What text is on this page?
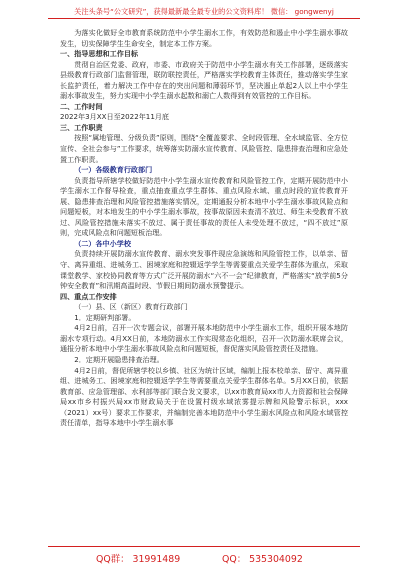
关注头条号“公文研究”，获得最新最全最专业的公文资料库！ 微信： gongwenyj

为落实化做好全市教育系统防范中小学生溺水工作，有效防范和遏止中小学生溺水事故发生，切实保障学生生命安全，制定本工作方案。

一、指导思想和工作目标

贯彻自治区党委、政府，市委、市政府关于防范中小学生溺水有关工作部署，逐级落实县级教育行政部门监督管理，联防联控责任，严格落实学校教育主体责任，推动落实学生家长监护责任，着力解决工作中存在的突出问题和薄弱环节，坚决遏止单起2人以上中小学生溺水事故发生，努力实现中小学生溺水起数和溺亡人数得到有效管控的工作目标。

二、工作时间

2022年3月XX日至2022年11月底

三、工作职责

按照“属地管理、分级负责”原则，围绕“全覆盖要求、全时段管理、全水域监管、全方位宣传、全社会参与”工作要求，统筹落实防溺水宣传教育、风险管控、隐患排查治理和应急处置工作职责。

（一）各级教育行政部门

负责指导所辖学校做好防范中小学生溺水宣传教育和风险管控工作，定期开展防范中小学生溺水工作督导检查，重点抽查重点学生群体、重点风险水域、重点时段的宣传教育开展、隐患排查治理和风险管控措施落实情况，定期通报分析本地中小学生溺水事故风险点和问题短板，对本地发生的中小学生溺水事故，按事故原因未查清不放过、师生未受教育不放过、风险管控措施未落实不放过、属于责任事故的责任人未受处理不放过，“四不放过”原则，完成风险点和问题短板治理。

（二）各中小学校

负责持续开展防溺水宣传教育、溺水突发事件现应急演练和风险管控工作，以单亲、留守、离异重组、进城务工、困境家庭和控辍返学学生等需要重点关爱学生群体为重点，采取课堂教学、家校协同教育等方式广泛开展防溺水“六不一会”纪律教育，严格落实“放学前5分钟安全教育”和汛期高温时段、节假日期间防溺水预警提示。

四、重点工作安排

（一）县、区（新区）教育行政部门

1．定期研判部署。

4月2日前，召开一次专题会议，部署开展本地防范中小学生溺水工作，组织开展本地防溺水专项行动。4月XX日前，本地防溺水工作实现常态化组织，召开一次防溺水联席会议，通报分析本地中小学生溺水事故风险点和问题短板，督促落实风险管控责任及措施。

2．定期开展隐患排查治理。

4月2日前，督促所辖学校以乡镇、社区为统计区域，编制上报本校单亲、留守、离异重组、进城务工、困境家庭和控辍返学学生等需要重点关爱学生群体名单。5月XX日前，依据教育部、应急管理部、水利部等部门联合发文要求，以xx市教育局xx市人力资源和社会保障局xx市乡村振兴局xx市财政局关于在设置村级水域浓雾提示牌和风险警示标识，xxx（2021）xx号）要求工作要求，并编制完善本地防范中小学生溺水风险点和风险水域管控责任清单，指导本地中小学生溺水事

QQ群： 31991489	QQ： 535304092
